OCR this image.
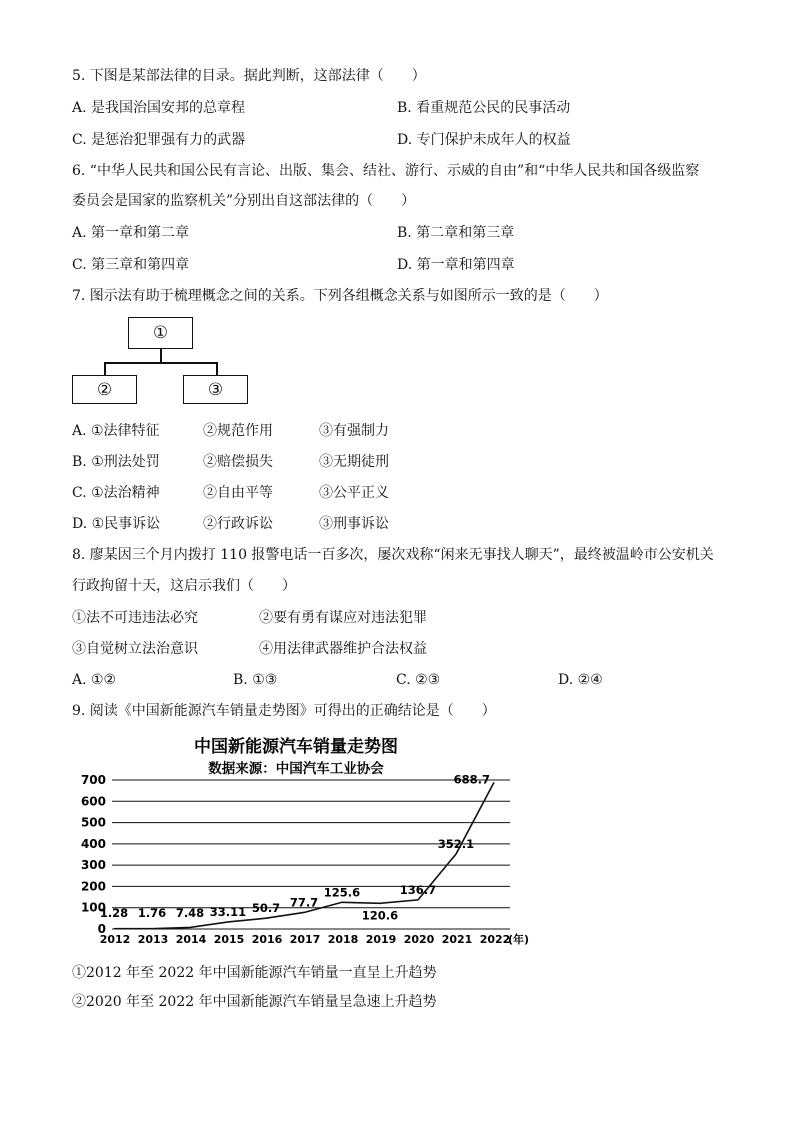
5. 下图是某部法律的目录。据此判断，这部法律（　　）
A. 是我国治国安邦的总章程	B. 看重规范公民的民事活动
C. 是惩治犯罪强有力的武器	D. 专门保护未成年人的权益
6. “中华人民共和国公民有言论、出版、集会、结社、游行、示威的自由”和“中华人民共和国各级监察
委员会是国家的监察机关”分别出自这部法律的（　　）
A. 第一章和第二章	B. 第二章和第三章
C. 第三章和第四章	D. 第一章和第四章
7. 图示法有助于梳理概念之间的关系。下列各组概念关系与如图所示一致的是（　　）
①
②	③
A. ①法律特征	②规范作用	③有强制力
B. ①刑法处罚	②赔偿损失	③无期徒刑
C. ①法治精神	②自由平等	③公平正义
D. ①民事诉讼	②行政诉讼	③刑事诉讼
8. 廖某因三个月内拨打 110 报警电话一百多次，屡次戏称“闲来无事找人聊天”，最终被温岭市公安机关
行政拘留十天，这启示我们（　　）
①法不可违违法必究	②要有勇有谋应对违法犯罪
③自觉树立法治意识	④用法律武器维护合法权益
A. ①②	B. ①③	C. ②③	D. ②④
9. 阅读《中国新能源汽车销量走势图》可得出的正确结论是（　　）
中国新能源汽车销量走势图
数据来源：中国汽车工业协会
0
100
200
300
400
500
600
700
2012 2013 2014 2015 2016 2017 2018 2019 2020 2021 2022
1.28 1.76 7.48 33.11 50.7 77.7
125.6
120.6
136.7
352.1
688.7
(年)
①2012 年至 2022 年中国新能源汽车销量一直呈上升趋势
②2020 年至 2022 年中国新能源汽车销量呈急速上升趋势
